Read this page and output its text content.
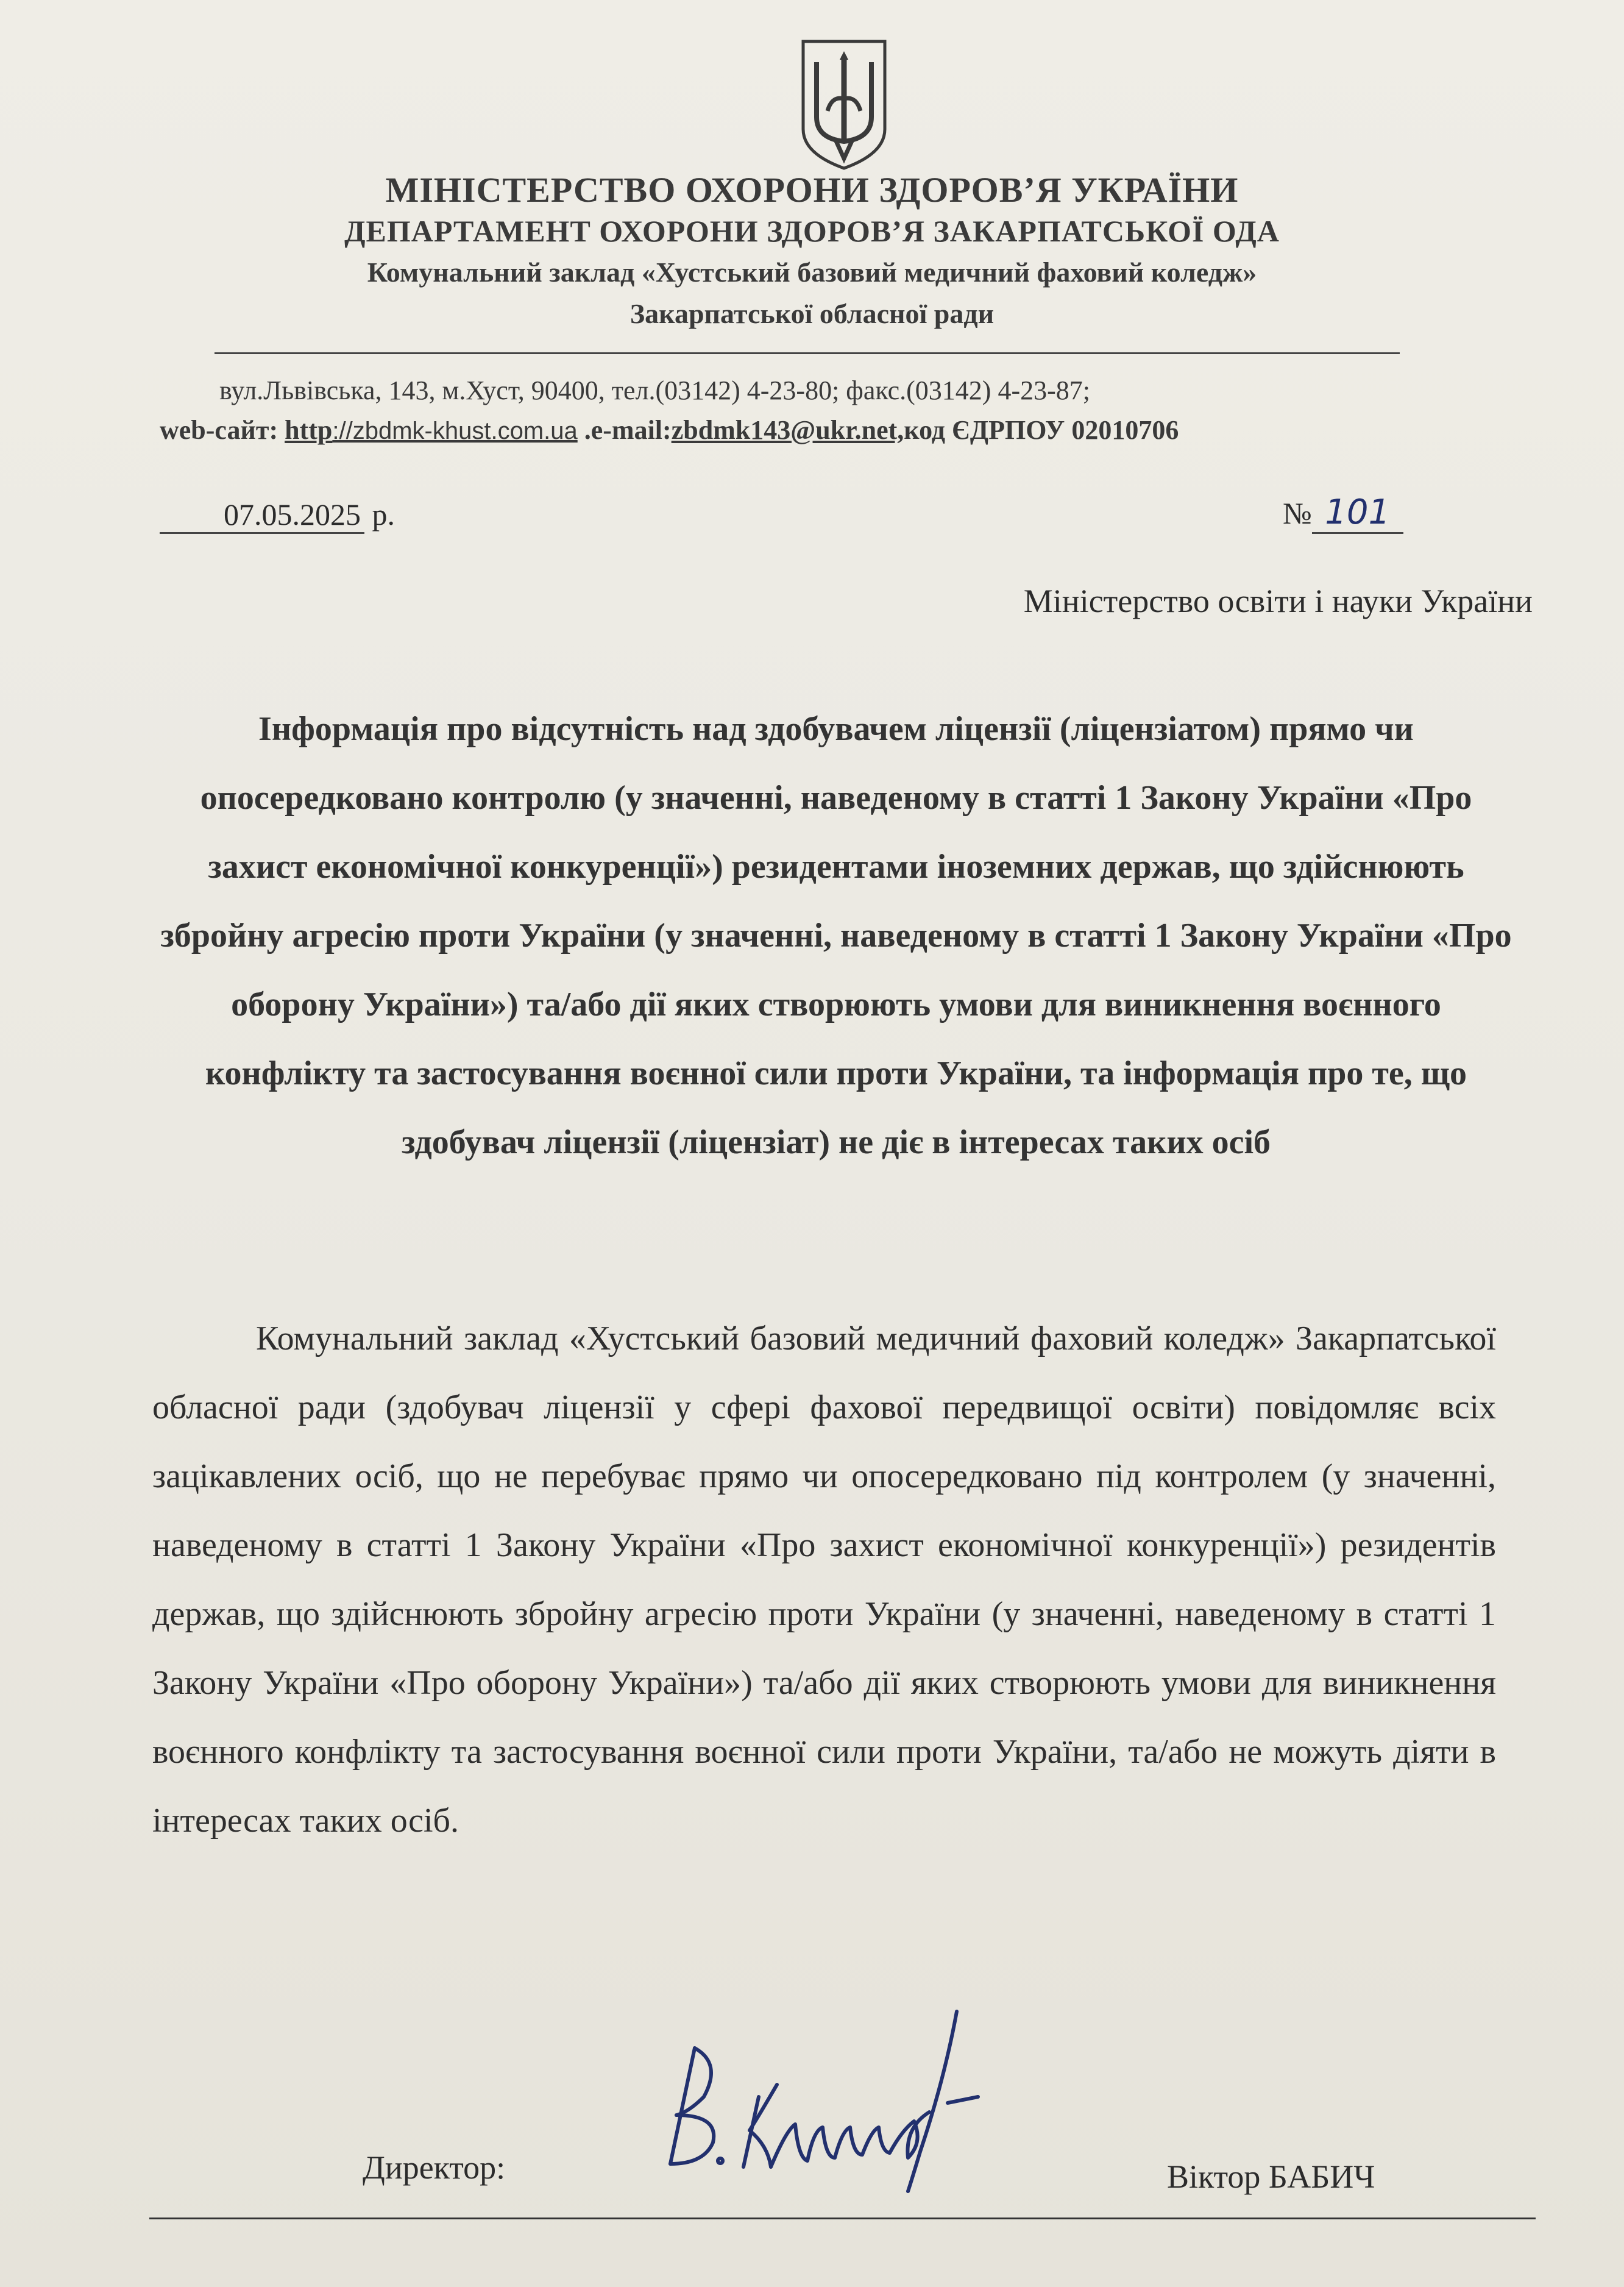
МІНІСТЕРСТВО ОХОРОНИ ЗДОРОВ’Я УКРАЇНИ
ДЕПАРТАМЕНТ ОХОРОНИ ЗДОРОВ’Я ЗАКАРПАТСЬКОЇ ОДА
Комунальний заклад «Хустський базовий медичний фаховий коледж»
Закарпатської обласної ради
вул.Львівська, 143, м.Хуст, 90400, тел.(03142) 4-23-80; факс.(03142) 4-23-87;
web-сайт: http://zbdmk-khust.com.ua .e-mail:zbdmk143@ukr.net,код ЄДРПОУ 02010706
07.05.2025 р.	№ 101
Міністерство освіти і науки України
Інформація про відсутність над здобувачем ліцензії (ліцензіатом) прямо чи опосередковано контролю (у значенні, наведеному в статті 1 Закону України «Про захист економічної конкуренції») резидентами іноземних держав, що здійснюють збройну агресію проти України (у значенні, наведеному в статті 1 Закону України «Про оборону України») та/або дії яких створюють умови для виникнення воєнного конфлікту та застосування воєнної сили проти України, та інформація про те, що здобувач ліцензії (ліцензіат) не діє в інтересах таких осіб
Комунальний заклад «Хустський базовий медичний фаховий коледж» Закарпатської обласної ради (здобувач ліцензії у сфері фахової передвищої освіти) повідомляє всіх зацікавлених осіб, що не перебуває прямо чи опосередковано під контролем (у значенні, наведеному в статті 1 Закону України «Про захист економічної конкуренції») резидентів держав, що здійснюють збройну агресію проти України (у значенні, наведеному в статті 1 Закону України «Про оборону України») та/або дії яких створюють умови для виникнення воєнного конфлікту та застосування воєнної сили проти України, та/або не можуть діяти в інтересах таких осіб.
Директор:	Віктор БАБИЧ
